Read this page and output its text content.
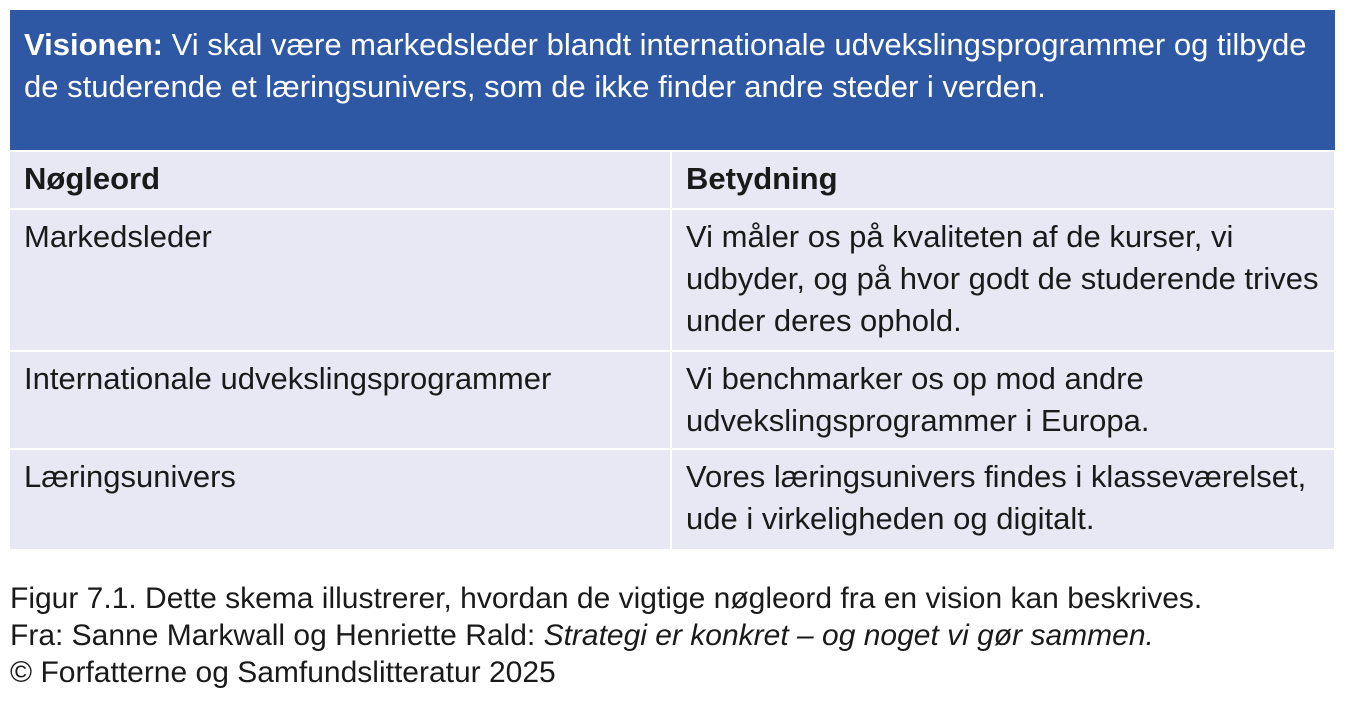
Visionen: Vi skal være markedsleder blandt internationale udvekslingsprogrammer og tilbyde de studerende et læringsunivers, som de ikke finder andre steder i verden.
Nøgleord	Betydning
Markedsleder	Vi måler os på kvaliteten af de kurser, vi udbyder, og på hvor godt de studerende trives under deres ophold.
Internationale udvekslingsprogrammer	Vi benchmarker os op mod andre udvekslingsprogrammer i Europa.
Læringsunivers	Vores læringsunivers findes i klasseværelset, ude i virkeligheden og digitalt.
Figur 7.1. Dette skema illustrerer, hvordan de vigtige nøgleord fra en vision kan beskrives.
Fra: Sanne Markwall og Henriette Rald: Strategi er konkret – og noget vi gør sammen.
© Forfatterne og Samfundslitteratur 2025
